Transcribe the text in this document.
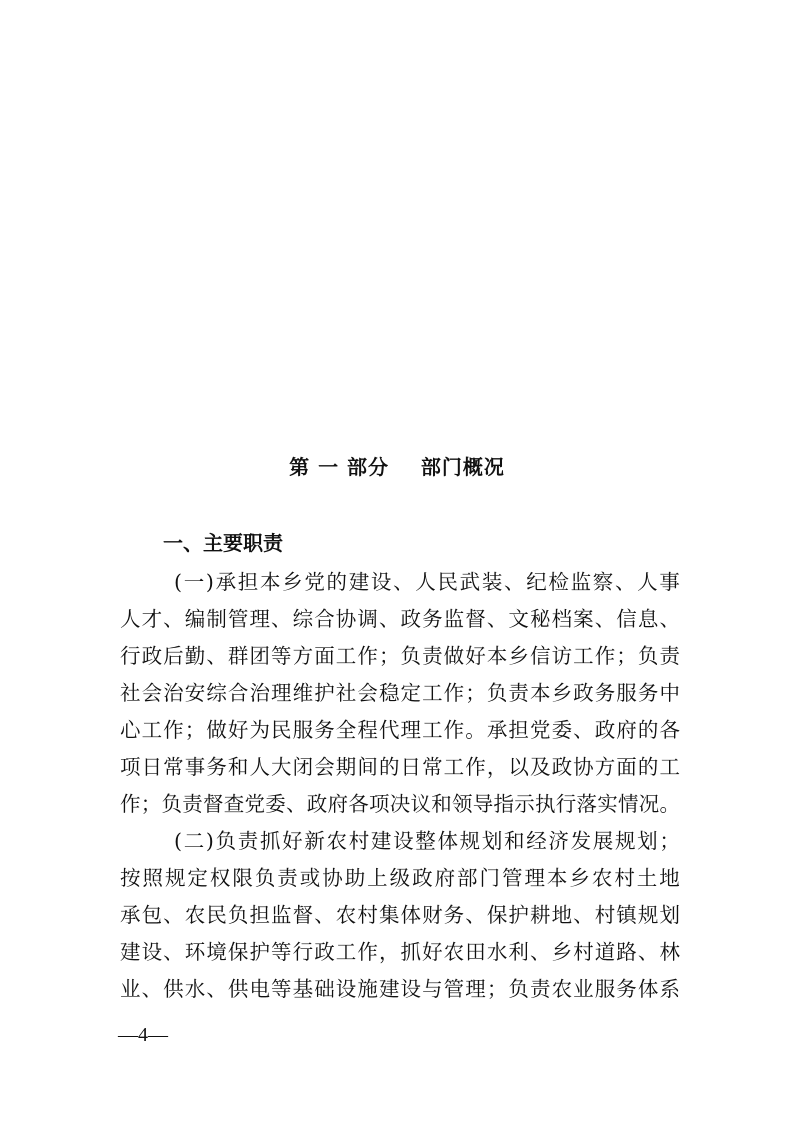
第 一 部分    部门概况
一、主要职责
( 一 ) 承 担 本 乡 党 的 建 设 、 人 民 武 装 、 纪 检 监 察 、 人 事
人 才 、 编 制 管 理 、 综 合 协 调 、 政 务 监 督 、 文 秘 档 案 、 信 息 、
行 政 后 勤 、 群 团 等 方 面 工 作 ； 负 责 做 好 本 乡 信 访 工 作 ； 负 责
社 会 治 安 综 合 治 理 维 护 社 会 稳 定 工 作 ； 负 责 本 乡 政 务 服 务 中
心 工 作 ； 做 好 为 民 服 务 全 程 代 理 工 作 。 承 担 党 委 、 政 府 的 各
项 日 常 事 务 和 人 大 闭 会 期 间 的 日 常 工 作 ， 以 及 政 协 方 面 的 工
作 ； 负 责 督 查 党 委 、 政 府 各 项 决 议 和 领 导 指 示 执 行 落 实 情 况 。
( 二 ) 负 责 抓 好 新 农 村 建 设 整 体 规 划 和 经 济 发 展 规 划 ；
按 照 规 定 权 限 负 责 或 协 助 上 级 政 府 部 门 管 理 本 乡 农 村 土 地
承 包 、 农 民 负 担 监 督 、 农 村 集 体 财 务 、 保 护 耕 地 、 村 镇 规 划
建 设 、 环 境 保 护 等 行 政 工 作 ， 抓 好 农 田 水 利 、 乡 村 道 路 、 林
业 、 供 水 、 供 电 等 基 础 设 施 建 设 与 管 理 ； 负 责 农 业 服 务 体 系
—4—
